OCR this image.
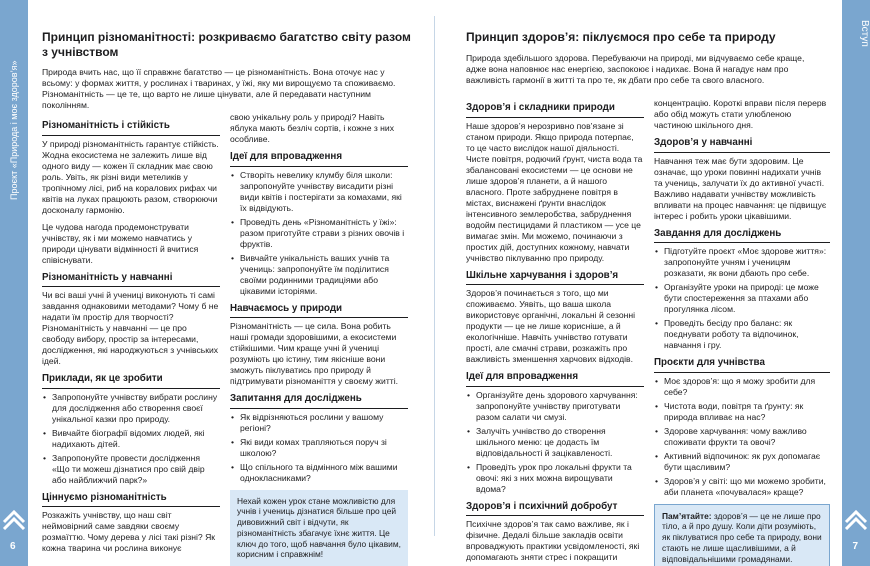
Проєкт «Природа і моє здоров’я»
6
Вступ
7
Принцип різноманітності: розкриваємо багатство світу разом з учнівством

Природа вчить нас, що її справжнє багатство — це різноманітність. Вона оточує нас у всьому: у формах життя, у рослинах і тваринах, у їжі, яку ми вирощуємо та споживаємо. Різноманітність — це те, що варто не лише цінувати, але й передавати наступним поколінням.

Різноманітність і стійкість

У природі різноманітність гарантує стійкість. Жодна екосистема не залежить лише від одного виду — кожен її складник має свою роль. Увіть, як різні види метеликів у тропічному лісі, риб на коралових рифах чи квітів на луках працюють разом, створюючи досконалу гармонію.

Це чудова нагода продемонструвати учнівству, як і ми можемо навчатись у природи цінувати відмінності й вчитися співіснувати.

Різноманітність у навчанні

Чи всі ваші учні й учениці виконують ті самі завдання однаковими методами? Чому б не надати їм простір для творчості? Різноманітність у навчанні — це про свободу вибору, простір за інтересами, дослідження, які народжуються з учнівських ідей.

Приклади, як це зробити
• Запропонуйте учнівству вибрати рослину для дослідження або створення своєї унікальної казки про природу.
• Вивчайте біографії відомих людей, які надихають дітей.
• Запропонуйте провести дослідження «Що ти можеш дізнатися про свій двір або найближчий парк?»
Ціннуємо різноманітність

Розкажіть учнівству, що наш світ неймовірний саме завдяки своєму розмаїттю. Чому дерева у лісі такі різні? Як кожна тварина чи рослина виконує

свою унікальну роль у природі? Навіть яблука мають безліч сортів, і кожне з них особливе.

Ідеї для впровадження
• Створіть невелику клумбу біля школи: запропонуйте учнівству висадити різні види квітів і постерігати за комахами, які їх відвідують.
• Проведіть день «Різноманітність у їжі»: разом приготуйте страви з різних овочів і фруктів.
• Вивчайте унікальність ваших учнів та учениць: запропонуйте їм поділитися своїми родинними традиціями або цікавими історіями.
Навчаємось у природи

Різноманітність — це сила. Вона робить наші громади здоровішими, а екосистеми стійкішими. Чим краще учні й учениці розуміють цю істину, тим якісніше вони зможуть піклуватись про природу й підтримувати різноманіття у своєму житті.

Запитання для досліджень
• Як відрізняються рослини у вашому регіоні?
• Які види комах трапляються поруч зі школою?
• Що спільного та відмінного між вашими однокласниками?
Нехай кожен урок стане можливістю для учнів і учениць дізнатися більше про цей дивовижний світ і відчути, як різноманітність збагачує їхнє життя. Це ключ до того, щоб навчання було цікавим, корисним і справжнім!
Принцип здоров’я: піклуємося про себе та природу

Природа здебільшого здорова. Перебуваючи на природі, ми відчуваємо себе краще, адже вона наповнює нас енергією, заспокоює і надихає. Вона й нагадує нам про важливість гармонії в житті та про те, як дбати про себе та свого власного.

Здоров’я і складники природи

Наше здоров’я нерозривно пов’язане зі станом природи. Якщо природа потерпає, то це часто вислідок нашої діяльності. Чисте повітря, родючий ґрунт, чиста вода та збалансовані екосистеми — це основи не лише здоров’я планети, а й нашого власного. Проте забруднене повітря в містах, виснажені ґрунти внаслідок інтенсивного землеробства, забруднення водойм пестицидами й пластиком — усе це вимагає змін. Ми можемо, починаючи з простих дій, доступних кожному, навчати учнівство піклуванню про природу.

Шкільне харчування і здоров’я

Здоров’я починається з того, що ми споживаємо. Уявіть, що ваша школа використовує органічні, локальні й сезонні продукти — це не лише корисніше, а й екологічніше. Навчіть учнівство готувати прості, але смачні страви, розкажіть про важливість зменшення харчових відходів.

Ідеї для впровадження
• Організуйте день здорового харчування: запропонуйте учнівству приготувати разом салати чи смузі.
• Залучіть учнівство до створення шкільного меню: це додасть їм відповідальності й зацікавленості.
• Проведіть урок про локальні фрукти та овочі: які з них можна вирощувати вдома?
Здоров’я і психічний добробут

Психічне здоров’я так само важливе, як і фізичне. Дедалі більше закладів освіти впроваджують практики усвідомленості, які допомагають зняти стрес і покращити

концентрацію. Короткі вправи після перерв або обід можуть стати улюбленою частиною шкільного дня.

Здоров’я у навчанні

Навчання теж має бути здоровим. Це означає, що уроки повинні надихати учнів та учениць, залучати їх до активної участі. Важливо надавати учнівству можливість впливати на процес навчання: це підвищує інтерес і робить уроки цікавішими.

Завдання для досліджень
• Підготуйте проєкт «Моє здорове життя»: запропонуйте учням і ученицям розказати, як вони дбають про себе.
• Організуйте уроки на природі: це може бути спостереження за птахами або прогулянка лісом.
• Проведіть бесіду про баланс: як поєднувати роботу та відпочинок, навчання і гру.
Проєкти для учнівства
• Моє здоров’я: що я можу зробити для себе?
• Чистота води, повітря та ґрунту: як природа впливає на нас?
• Здорове харчування: чому важливо споживати фрукти та овочі?
• Активний відпочинок: як рух допомагає бути щасливим?
• Здоров’я у світі: що ми можемо зробити, аби планета «почувалася» краще?
Пам’ятайте: здоров’я — це не лише про тіло, а й про душу. Коли діти розуміють, як піклуватися про себе та природу, вони стають не лише щасливішими, а й відповідальнішими громадянами.
